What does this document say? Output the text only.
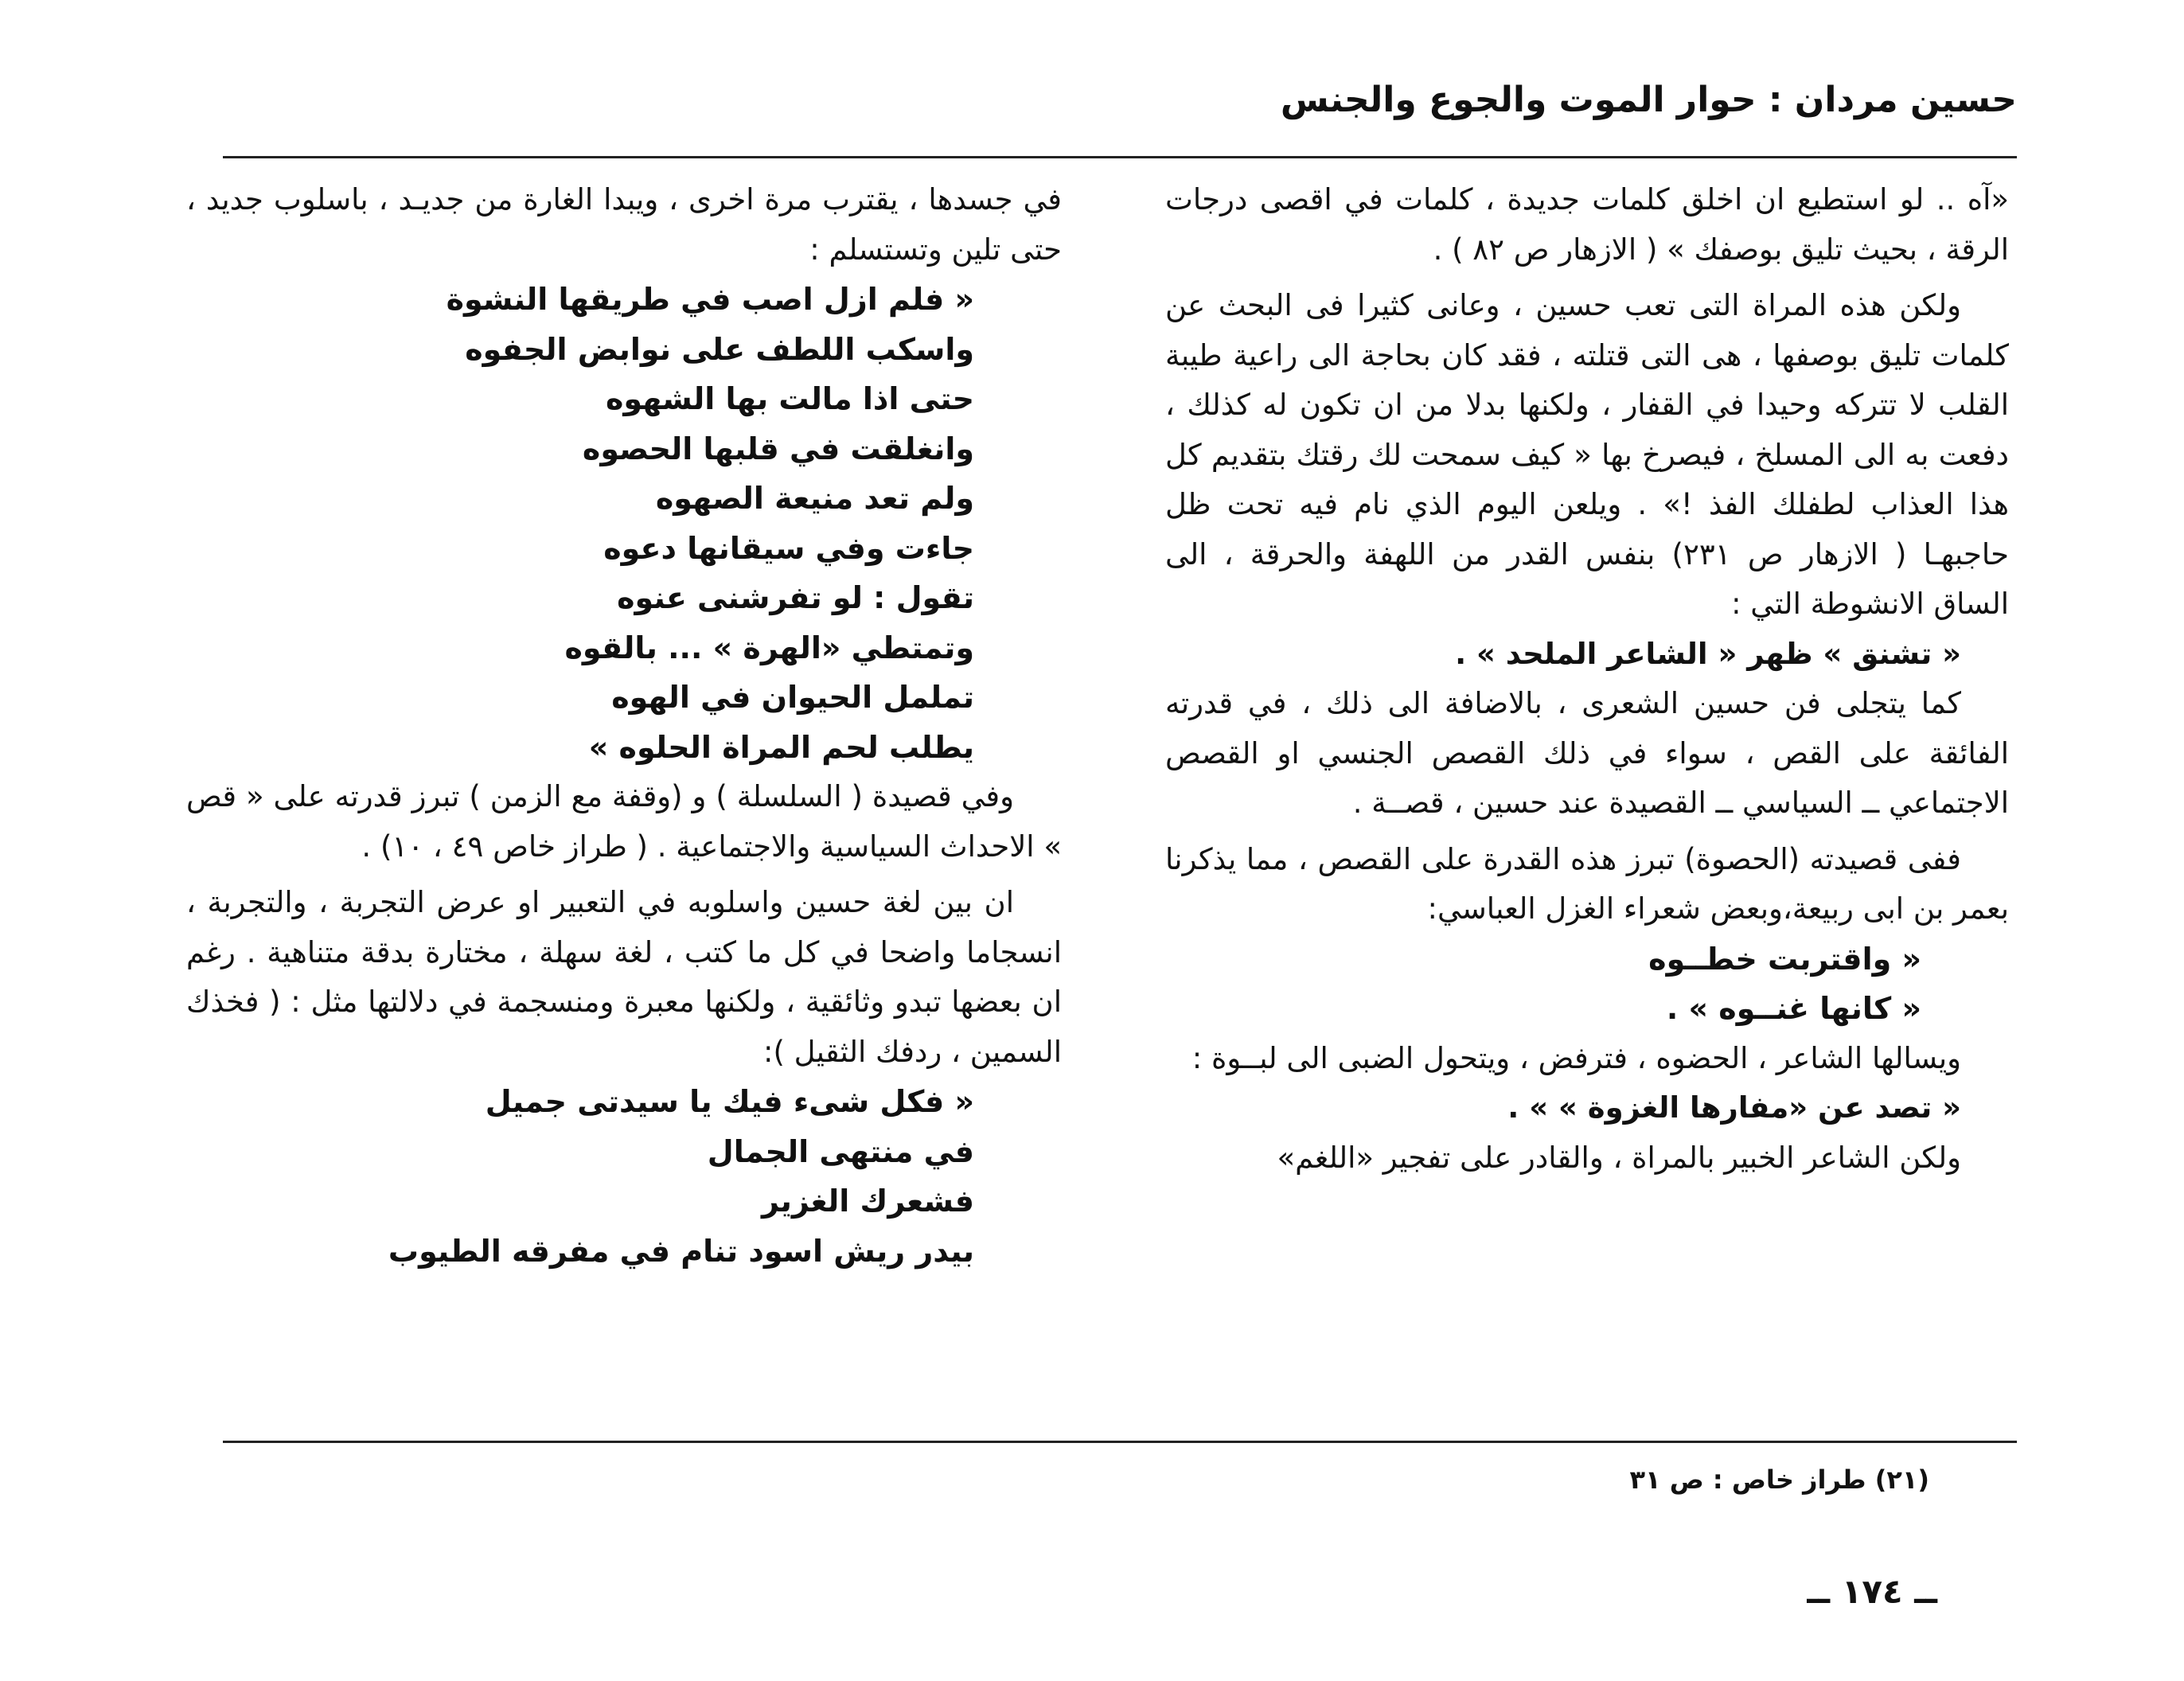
حسين مردان : حوار الموت والجوع والجنس

«آه .. لو استطيع ان اخلق كلمات جديدة ، كلمات في اقصى درجات الرقة ، بحيث تليق بوصفك » ( الازهار ص ٨٢ ) .

ولكن هذه المراة التى تعب حسين ، وعانى كثيرا فى البحث عن كلمات تليق بوصفها ، هى التى قتلته ، فقد كان بحاجة الى راعية طيبة القلب لا تتركه وحيدا في القفار ، ولكنها بدلا من ان تكون له كذلك ، دفعت به الى المسلخ ، فيصرخ بها « كيف سمحت لك رقتك بتقديم كل هذا العذاب لطفلك الفذ !» . ويلعن اليوم الذي نام فيه تحت ظل حاجبهـا ( الازهار ص ٢٣١) بنفس القدر من اللهفة والحرقة ، الى الساق الانشوطة التي :

« تشنق » ظهر « الشاعر الملحد » .

كما يتجلى فن حسين الشعرى ، بالاضافة الى ذلك ، في قدرته الفائقة على القص ، سواء في ذلك القصص الجنسي او القصص الاجتماعي ــ السياسي ــ القصيدة عند حسين ، قصــة .

ففى قصيدته (الحصوة) تبرز هذه القدرة على القصص ، مما يذكرنا بعمر بن ابى ربيعة،وبعض شعراء الغزل العباسي:

« واقتربت خطــوه
« كانها غنــوه » .

ويسالها الشاعر ، الحضوه ، فترفض ، ويتحول الضبى الى لبــوة :

« تصد عن «مفارها الغزوة » » .

ولكن الشاعر الخبير بالمراة ، والقادر على تفجير «اللغم»

في جسدها ، يقترب مرة اخرى ، ويبدا الغارة من جديـد ، باسلوب جديد ، حتى تلين وتستسلم :

« فلم ازل اصب في طريقها النشوة
واسكب اللطف على نوابض الجفوه
حتى اذا مالت بها الشهوه
وانغلقت في قلبها الحصوه
ولم تعد منيعة الصهوه
جاءت وفي سيقانها دعوه
تقول : لو تفرشنى عنوه
وتمتطي «الهرة » ... بالقوه
تململ الحيوان في الهوه
يطلب لحم المراة الحلوه »

وفي قصيدة ( السلسلة ) و (وقفة مع الزمن ) تبرز قدرته على « قص » الاحداث السياسية والاجتماعية . ( طراز خاص ٤٩ ، ١٠) .

ان بين لغة حسين واسلوبه في التعبير او عرض التجربة ، والتجربة ، انسجاما واضحا في كل ما كتب ، لغة سهلة ، مختارة بدقة متناهية . رغم ان بعضها تبدو وثائقية ، ولكنها معبرة ومنسجمة في دلالتها مثل : ( فخذك السمين ، ردفك الثقيل ):

« فكل شىء فيك يا سيدتى جميل
في منتهى الجمال
فشعرك الغزير
بيدر ريش اسود تنام في مفرقه الطيوب
(٢١) طراز خاص : ص ٣١
ــ ١٧٤ ــ
